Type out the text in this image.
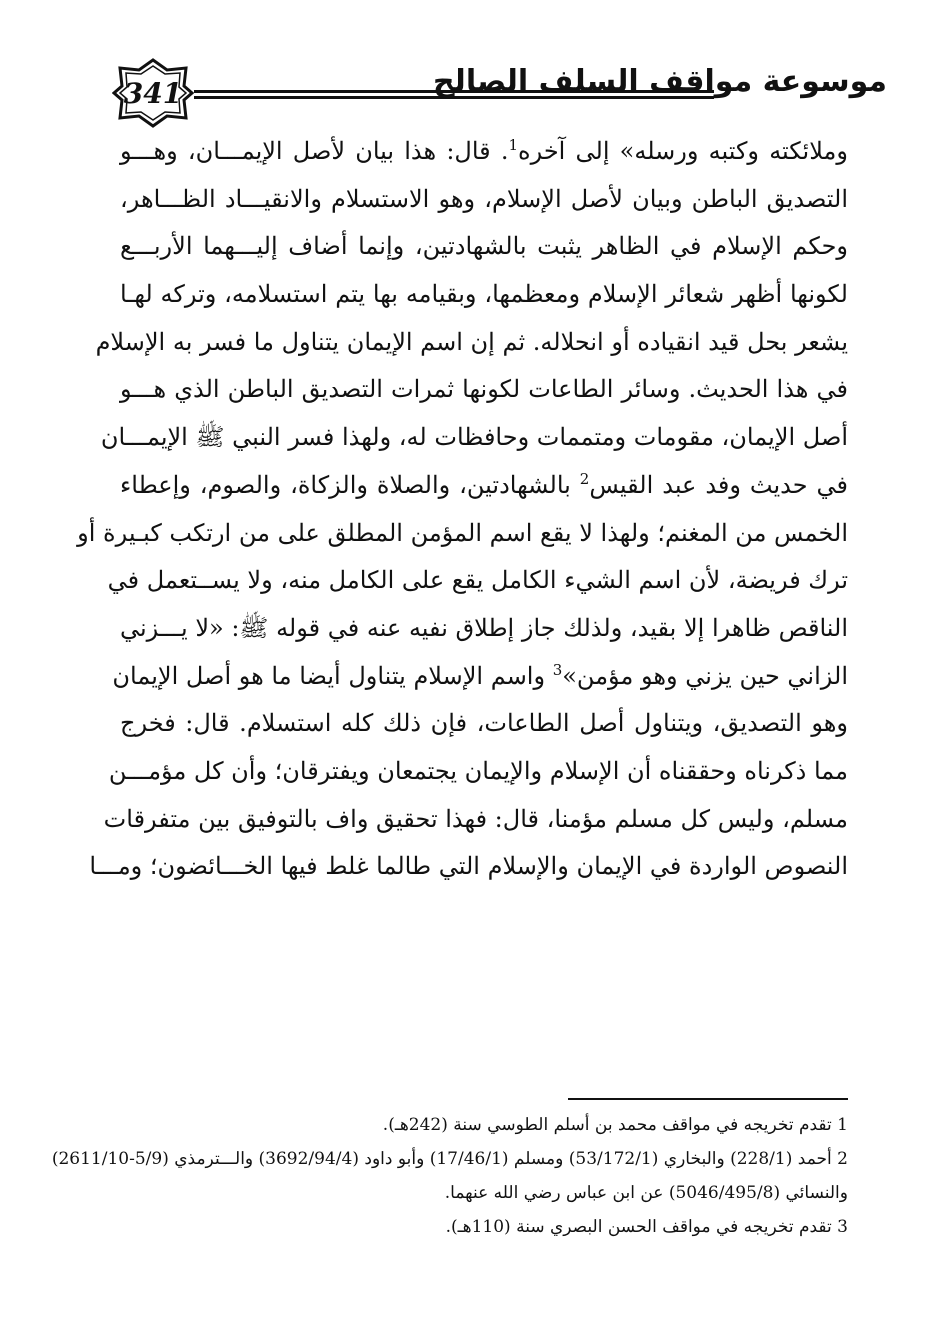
341	موسوعة مواقف السلف الصالح
وملائكته وكتبه ورسله» إلى آخره$^1$. قال: هذا بيان لأصل الإيمـــان، وهـــو
التصديق الباطن وبيان لأصل الإسلام، وهو الاستسلام والانقيـــاد الظـــاهر،
وحكم الإسلام في الظاهر يثبت بالشهادتين، وإنما أضاف إليـــهما الأربـــع
لكونها أظهر شعائر الإسلام ومعظمها، وبقيامه بها يتم استسلامه، وتركه لهـا
يشعر بحل قيد انقياده أو انحلاله. ثم إن اسم الإيمان يتناول ما فسر به الإسلام
في هذا الحديث. وسائر الطاعات لكونها ثمرات التصديق الباطن الذي هـــو
أصل الإيمان، مقومات ومتممات وحافظات له، ولهذا فسر النبي ﷺ الإيمـــان
في حديث وفد عبد القيس$^2$ بالشهادتين، والصلاة والزكاة، والصوم، وإعطاء
الخمس من المغنم؛ ولهذا لا يقع اسم المؤمن المطلق على من ارتكب كبـيرة أو
ترك فريضة، لأن اسم الشيء الكامل يقع على الكامل منه، ولا يســتعمل في
الناقص ظاهرا إلا بقيد، ولذلك جاز إطلاق نفيه عنه في قوله ﷺ: «لا يـــزني
الزاني حين يزني وهو مؤمن»$^3$ واسم الإسلام يتناول أيضا ما هو أصل الإيمان
وهو التصديق، ويتناول أصل الطاعات، فإن ذلك كله استسلام. قال: فخرج
مما ذكرناه وحققناه أن الإسلام والإيمان يجتمعان ويفترقان؛ وأن كل مؤمـــن
مسلم، وليس كل مسلم مؤمنا، قال: فهذا تحقيق واف بالتوفيق بين متفرقات
النصوص الواردة في الإيمان والإسلام التي طالما غلط فيها الخـــائضون؛ ومـــا
1 تقدم تخريجه في مواقف محمد بن أسلم الطوسي سنة (242هـ).
2 أحمد (228/1) والبخاري (53/172/1) ومسلم (17/46/1) وأبو داود (3692/94/4) والـــترمذي (5/9-2611/10)
والنسائي (5046/495/8) عن ابن عباس رضي الله عنهما.
3 تقدم تخريجه في مواقف الحسن البصري سنة (110هـ).
